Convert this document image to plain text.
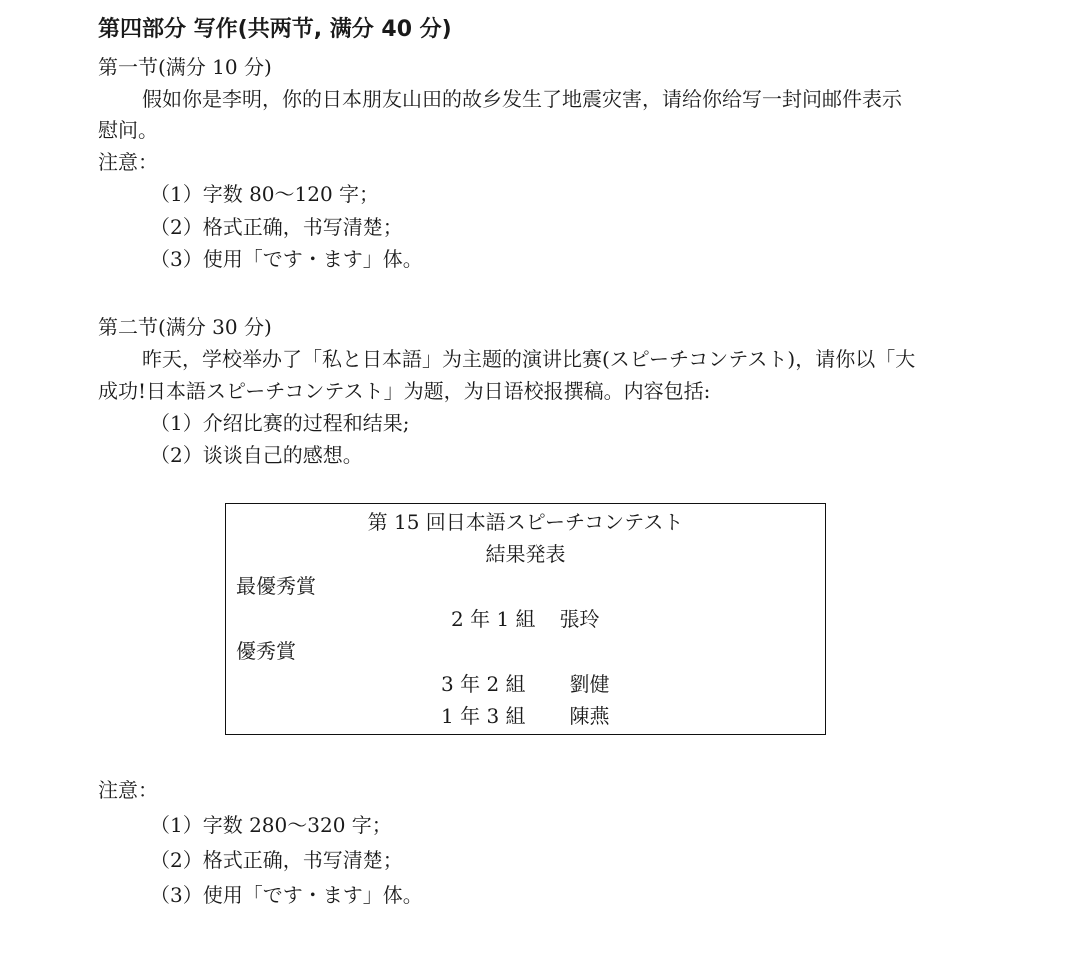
第四部分 写作(共两节, 满分 40 分)
第一节(满分 10 分)
假如你是李明，你的日本朋友山田的故乡发生了地震灾害，请给你给写一封问邮件表示
慰问。
注意：
（1）字数 80～120 字；
（2）格式正确，书写清楚；
（3）使用「です・ます」体。
第二节(满分 30 分)
昨天，学校举办了「私と日本語」为主题的演讲比赛(スピーチコンテスト)，请你以「大
成功!日本語スピーチコンテスト」为题，为日语校报撰稿。内容包括:
（1）介绍比赛的过程和结果;
（2）谈谈自己的感想。
第 15 回日本語スピーチコンテスト
結果発表
最優秀賞
2 年 1 組 張玲
優秀賞
3 年 2 組 劉健
1 年 3 組 陳燕
注意：
（1）字数 280～320 字；
（2）格式正确，书写清楚；
（3）使用「です・ます」体。
